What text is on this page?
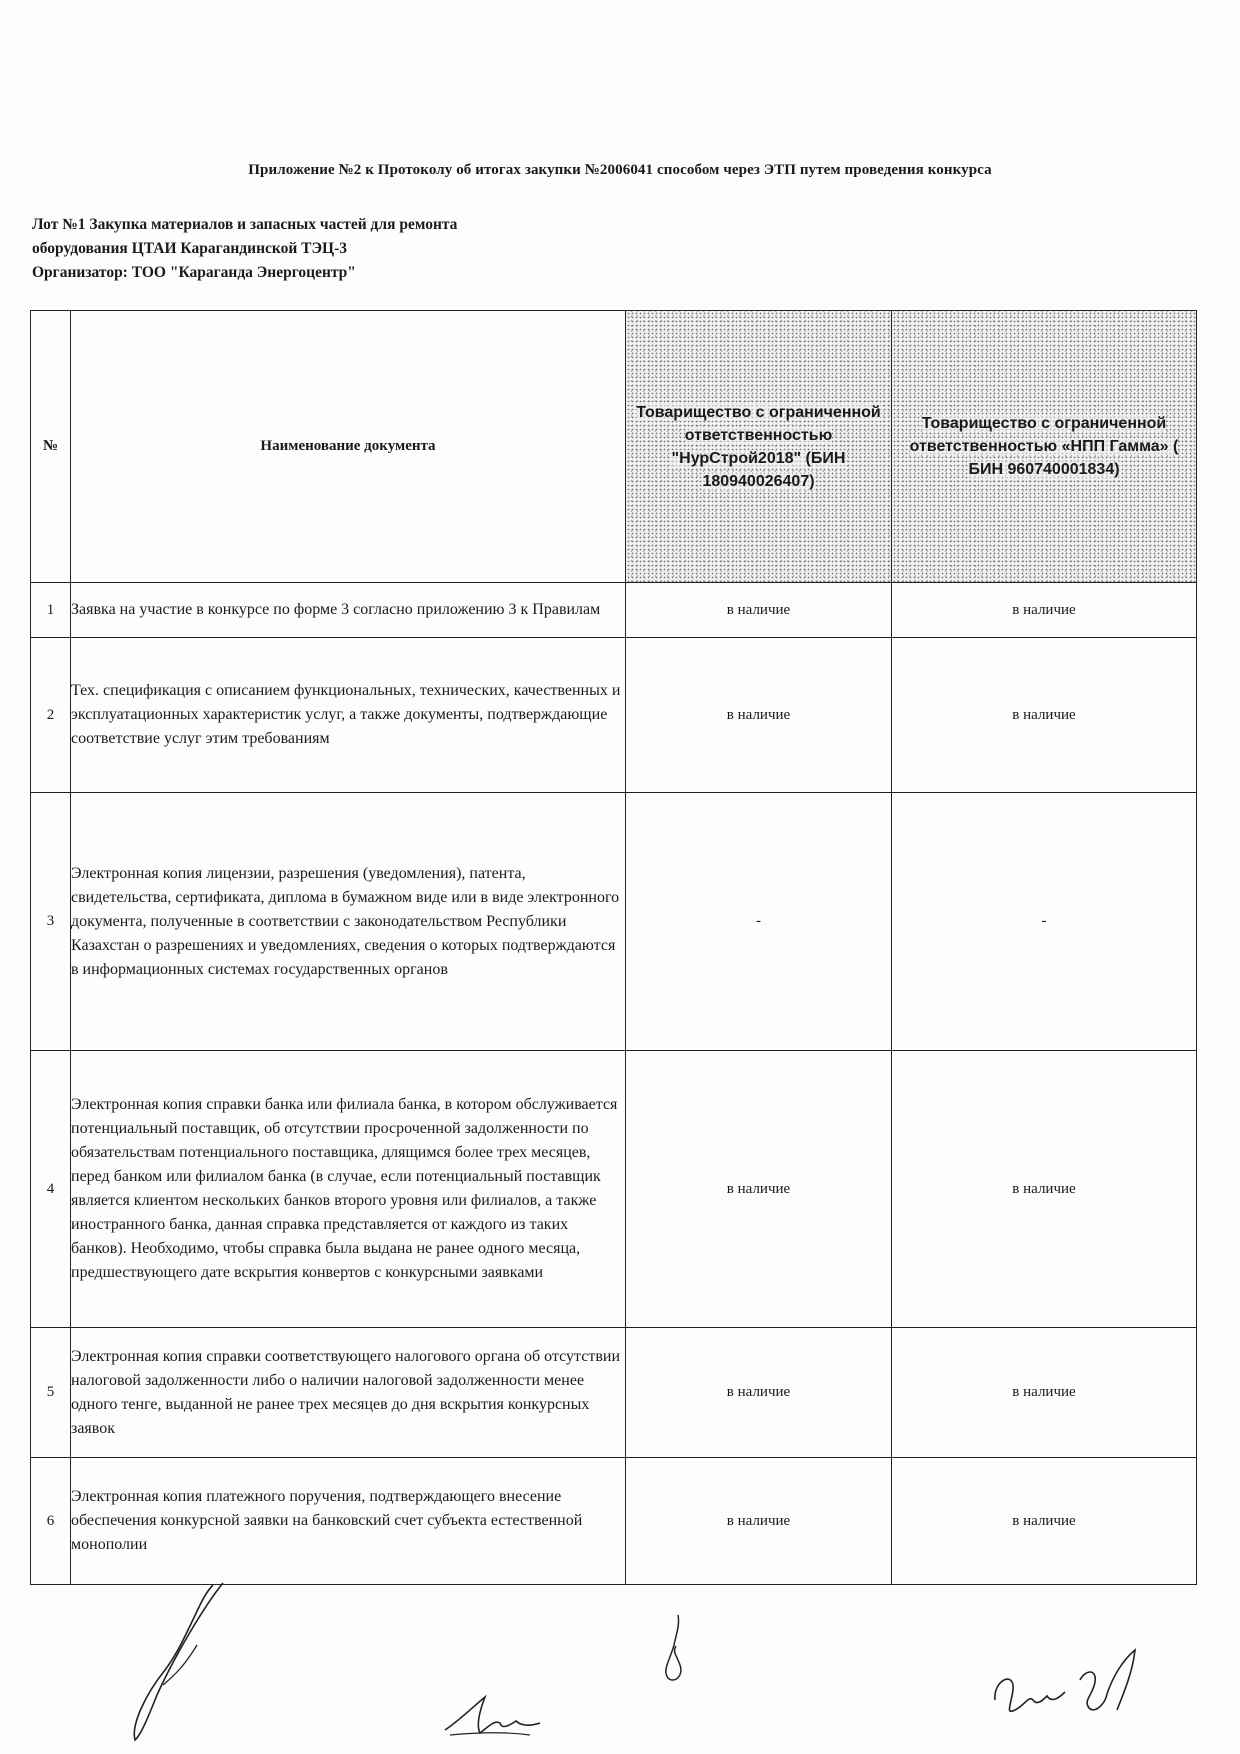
Приложение №2 к Протоколу об итогах закупки №2006041 способом через ЭТП путем проведения конкурса
Лот №1 Закупка материалов и запасных частей для ремонта
оборудования ЦТАИ Карагандинской ТЭЦ-3
Организатор: ТОО "Караганда Энергоцентр"
№	Наименование документа	Товарищество с ограниченной ответственностью "НурСтрой2018" (БИН 180940026407)	Товарищество с ограниченной ответственностью «НПП Гамма» ( БИН 960740001834)
1	Заявка на участие в конкурсе по форме 3 согласно приложению 3 к Правилам	в наличие	в наличие
2	Тех. спецификация с описанием функциональных, технических, качественных и эксплуатационных характеристик услуг, а также документы, подтверждающие соответствие услуг этим требованиям	в наличие	в наличие
3	Электронная копия лицензии, разрешения (уведомления), патента, свидетельства, сертификата, диплома в бумажном виде или в виде электронного документа, полученные в соответствии с законодательством Республики Казахстан о разрешениях и уведомлениях, сведения о которых подтверждаются в информационных системах государственных органов	-	-
4	Электронная копия справки банка или филиала банка, в котором обслуживается потенциальный поставщик, об отсутствии просроченной задолженности по обязательствам потенциального поставщика, длящимся более трех месяцев, перед банком или филиалом банка (в случае, если потенциальный поставщик является клиентом нескольких банков второго уровня или филиалов, а также иностранного банка, данная справка представляется от каждого из таких банков). Необходимо, чтобы справка была выдана не ранее одного месяца, предшествующего дате вскрытия конвертов с конкурсными заявками	в наличие	в наличие
5	Электронная копия справки соответствующего налогового органа об отсутствии налоговой задолженности либо о наличии налоговой задолженности менее одного тенге, выданной не ранее трех месяцев до дня вскрытия конкурсных заявок	в наличие	в наличие
6	Электронная копия платежного поручения, подтверждающего внесение обеспечения конкурсной заявки на банковский счет субъекта естественной монополии	в наличие	в наличие
